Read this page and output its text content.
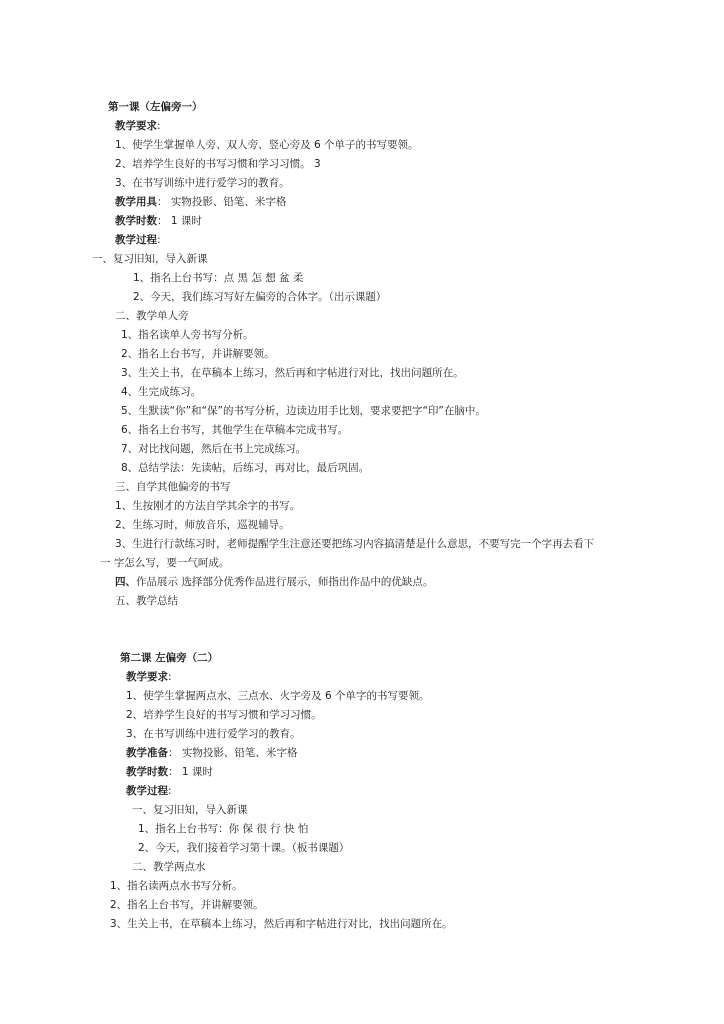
第一课（左偏旁一）
教学要求:
1、使学生掌握单人旁、双人旁、竖心旁及 6 个单子的书写要领。
2、培养学生良好的书写习惯和学习习惯。 3
3、在书写训练中进行爱学习的教育。
教学用具： 实物投影、铅笔、米字格
教学时数： 1 课时
教学过程:
一、复习旧知，导入新课
1、指名上台书写：点 黑 怎 想 盆 柔
2、今天，我们练习写好左偏旁的合体字。（出示课题）
二、教学单人旁
1、指名读单人旁书写分析。
2、指名上台书写，并讲解要领。
3、生关上书，在草稿本上练习，然后再和字帖进行对比，找出问题所在。
4、生完成练习。
5、生默读“你”和“保”的书写分析，边读边用手比划，要求要把字“印”在脑中。
6、指名上台书写，其他学生在草稿本完成书写。
7、对比找问题，然后在书上完成练习。
8、总结学法：先读帖，后练习，再对比，最后巩固。
三、自学其他偏旁的书写
1、生按刚才的方法自学其余字的书写。
2、生练习时，师放音乐，巡视辅导。
3、生进行行款练习时，老师提醒学生注意还要把练习内容搞清楚是什么意思，不要写完一个字再去看下
一 字怎么写，要一气呵成。
四、作品展示 选择部分优秀作品进行展示，师指出作品中的优缺点。
五、教学总结
第二课 左偏旁（二）
教学要求:
1、使学生掌握两点水、三点水、火字旁及 6 个单字的书写要领。
2、培养学生良好的书写习惯和学习习惯。
3、在书写训练中进行爱学习的教育。
教学准备： 实物投影、铅笔、米字格
教学时数： 1 课时
教学过程:
一、复习旧知，导入新课
1、指名上台书写：你 保 很 行 快 怕
2、今天，我们接着学习第十课。（板书课题）
二、教学两点水
1、指名读两点水书写分析。
2、指名上台书写，并讲解要领。
3、生关上书，在草稿本上练习，然后再和字帖进行对比，找出问题所在。
